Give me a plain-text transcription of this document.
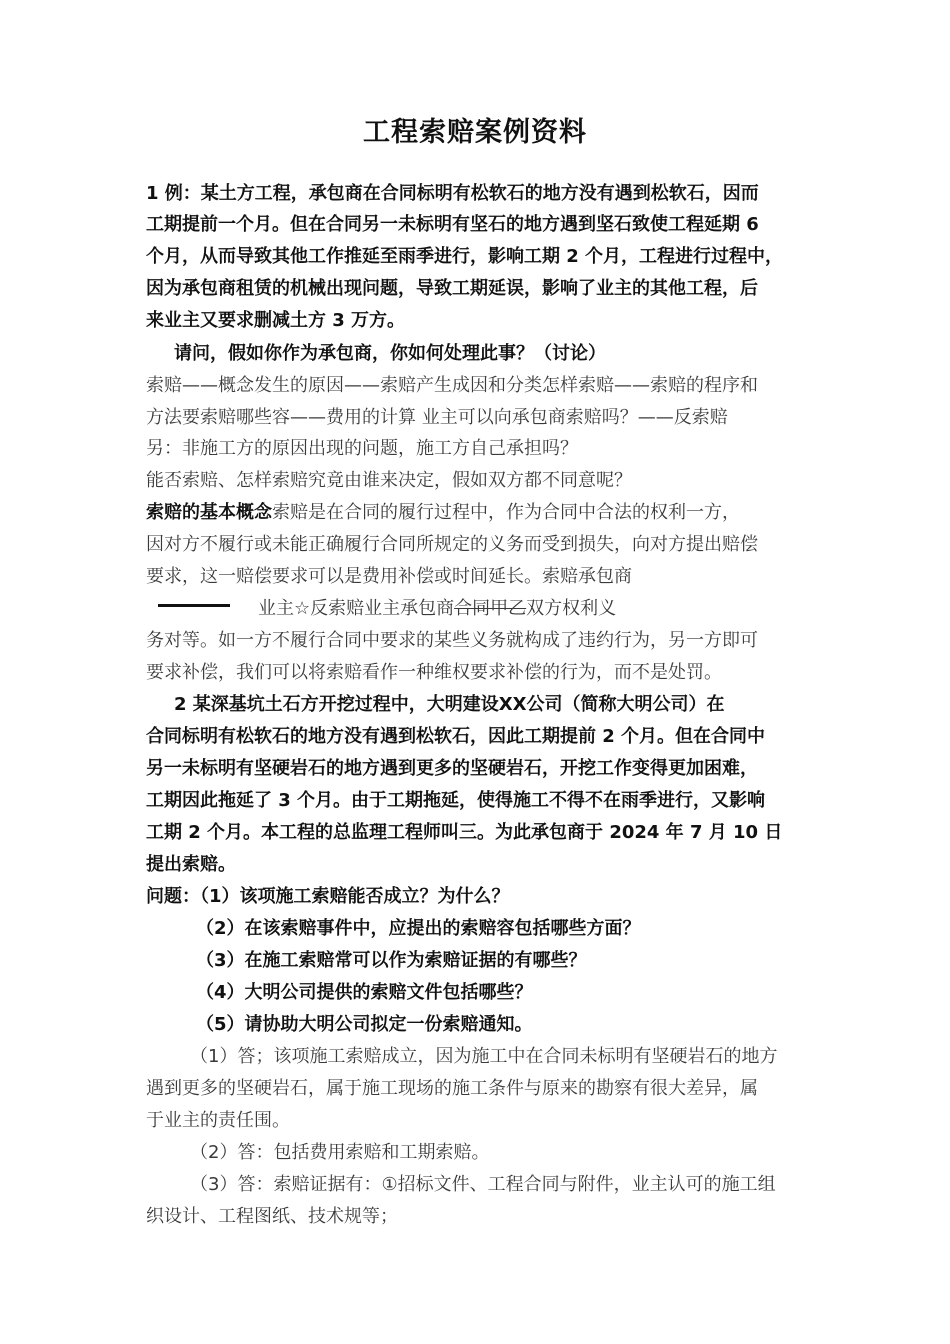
工程索赔案例资料
1 例：某土方工程，承包商在合同标明有松软石的地方没有遇到松软石，因而
工期提前一个月。但在合同另一未标明有坚石的地方遇到坚石致使工程延期 6
个月，从而导致其他工作推延至雨季进行，影响工期 2 个月，工程进行过程中，
因为承包商租赁的机械出现问题，导致工期延误，影响了业主的其他工程，后
来业主又要求删减土方 3 万方。
请问，假如你作为承包商，你如何处理此事？（讨论）
索赔——概念发生的原因——索赔产生成因和分类怎样索赔——索赔的程序和
方法要索赔哪些容——费用的计算 业主可以向承包商索赔吗？——反索赔
另：非施工方的原因出现的问题，施工方自己承担吗？
能否索赔、怎样索赔究竟由谁来决定，假如双方都不同意呢？
索赔的基本概念索赔是在合同的履行过程中，作为合同中合法的权利一方，
因对方不履行或未能正确履行合同所规定的义务而受到损失，向对方提出赔偿
要求，这一赔偿要求可以是费用补偿或时间延长。索赔承包商
业主☆反索赔业主承包商合同甲乙双方权利义
务对等。如一方不履行合同中要求的某些义务就构成了违约行为，另一方即可
要求补偿，我们可以将索赔看作一种维权要求补偿的行为，而不是处罚。
2 某深基坑土石方开挖过程中，大明建设XX公司（简称大明公司）在
合同标明有松软石的地方没有遇到松软石，因此工期提前 2 个月。但在合同中
另一未标明有坚硬岩石的地方遇到更多的坚硬岩石，开挖工作变得更加困难，
工期因此拖延了 3 个月。由于工期拖延，使得施工不得不在雨季进行，又影响
工期 2 个月。本工程的总监理工程师叫三。为此承包商于 2024 年 7 月 10 日
提出索赔。
问题：（1）该项施工索赔能否成立？为什么？
（2）在该索赔事件中，应提出的索赔容包括哪些方面？
（3）在施工索赔常可以作为索赔证据的有哪些？
（4）大明公司提供的索赔文件包括哪些？
（5）请协助大明公司拟定一份索赔通知。
（1）答；该项施工索赔成立，因为施工中在合同未标明有坚硬岩石的地方
遇到更多的坚硬岩石，属于施工现场的施工条件与原来的勘察有很大差异，属
于业主的责任围。
（2）答：包括费用索赔和工期索赔。
（3）答：索赔证据有：①招标文件、工程合同与附件，业主认可的施工组
织设计、工程图纸、技术规等；
